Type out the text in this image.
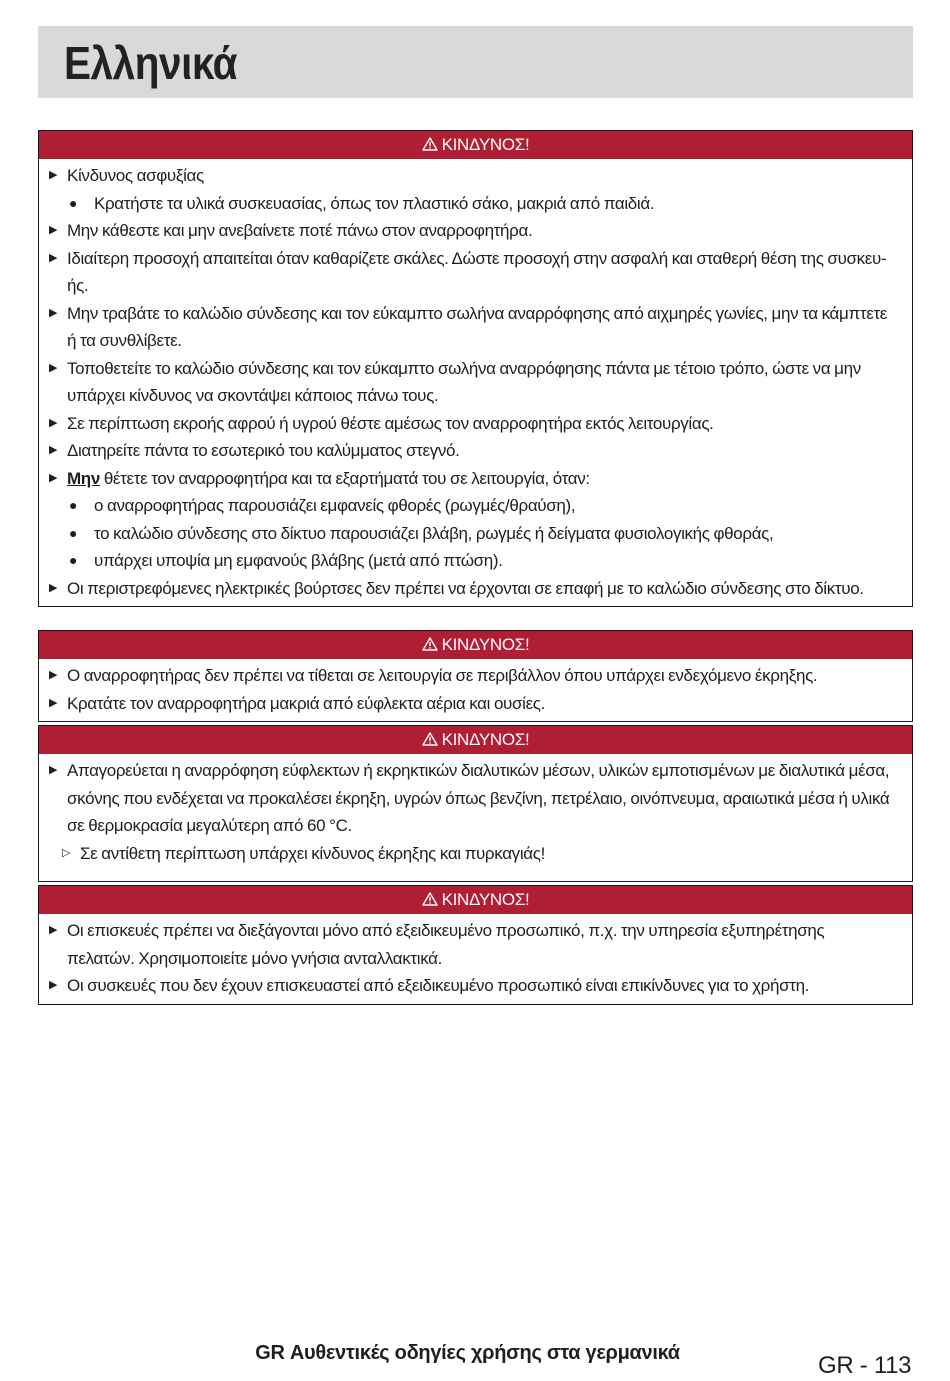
Ελληνικά
KΙΝΔΥΝΟΣ!
▶ Κίνδυνος ασφυξίας
● Κρατήστε τα υλικά συσκευασίας, όπως τον πλαστικό σάκο, μακριά από παιδιά.
▶ Μην κάθεστε και μην ανεβαίνετε ποτέ πάνω στον αναρροφητήρα.
▶ Ιδιαίτερη προσοχή απαιτείται όταν καθαρίζετε σκάλες. Δώστε προσοχή στην ασφαλή και σταθερή θέση της συσκευ-ής.
▶ Μην τραβάτε το καλώδιο σύνδεσης και τον εύκαμπτο σωλήνα αναρρόφησης από αιχμηρές γωνίες, μην τα κάμπτετε ή τα συνθλίβετε.
▶ Τοποθετείτε το καλώδιο σύνδεσης και τον εύκαμπτο σωλήνα αναρρόφησης πάντα με τέτοιο τρόπο, ώστε να μην υπάρχει κίνδυνος να σκοντάψει κάποιος πάνω τους.
▶ Σε περίπτωση εκροής αφρού ή υγρού θέστε αμέσως τον αναρροφητήρα εκτός λειτουργίας.
▶ Διατηρείτε πάντα το εσωτερικό του καλύμματος στεγνό.
▶ Μην θέτετε τον αναρροφητήρα και τα εξαρτήματά του σε λειτουργία, όταν:
● ο αναρροφητήρας παρουσιάζει εμφανείς φθορές (ρωγμές/θραύση),
● το καλώδιο σύνδεσης στο δίκτυο παρουσιάζει βλάβη, ρωγμές ή δείγματα φυσιολογικής φθοράς,
● υπάρχει υποψία μη εμφανούς βλάβης (μετά από πτώση).
▶ Οι περιστρεφόμενες ηλεκτρικές βούρτσες δεν πρέπει να έρχονται σε επαφή με το καλώδιο σύνδεσης στο δίκτυο.
KΙΝΔΥΝΟΣ!
▶ Ο αναρροφητήρας δεν πρέπει να τίθεται σε λειτουργία σε περιβάλλον όπου υπάρχει ενδεχόμενο έκρηξης.
▶ Κρατάτε τον αναρροφητήρα μακριά από εύφλεκτα αέρια και ουσίες.
KΙΝΔΥΝΟΣ!
▶ Απαγορεύεται η αναρρόφηση εύφλεκτων ή εκρηκτικών διαλυτικών μέσων, υλικών εμποτισμένων με διαλυτικά μέσα, σκόνης που ενδέχεται να προκαλέσει έκρηξη, υγρών όπως βενζίνη, πετρέλαιο, οινόπνευμα, αραιωτικά μέσα ή υλικά σε θερμοκρασία μεγαλύτερη από 60 °C.
▷ Σε αντίθετη περίπτωση υπάρχει κίνδυνος έκρηξης και πυρκαγιάς!
KΙΝΔΥΝΟΣ!
▶ Οι επισκευές πρέπει να διεξάγονται μόνο από εξειδικευμένο προσωπικό, π.χ. την υπηρεσία εξυπηρέτησης πελατών. Χρησιμοποιείτε μόνο γνήσια ανταλλακτικά.
▶ Οι συσκευές που δεν έχουν επισκευαστεί από εξειδικευμένο προσωπικό είναι επικίνδυνες για το χρήστη.
GR Αυθεντικές οδηγίες χρήσης στα γερμανικά	GR - 113
